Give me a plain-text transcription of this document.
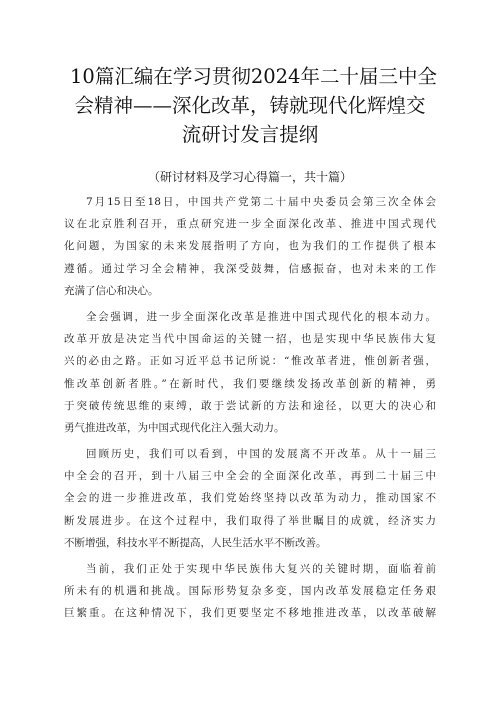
10篇汇编在学习贯彻2024年二十届三中全
会精神——深化改革，铸就现代化辉煌交
流研讨发言提纲

（研讨材料及学习心得篇一，共十篇）

7月15日至18日，中国共产党第二十届中央委员会第三次全体会
议在北京胜利召开，重点研究进一步全面深化改革、推进中国式现代
化问题，为国家的未来发展指明了方向，也为我们的工作提供了根本
遵循。通过学习全会精神，我深受鼓舞，信感振奋，也对未来的工作
充满了信心和决心。
全会强调，进一步全面深化改革是推进中国式现代化的根本动力。
改革开放是决定当代中国命运的关键一招，也是实现中华民族伟大复
兴的必由之路。正如习近平总书记所说：“惟改革者进，惟创新者强，
惟改革创新者胜。”在新时代，我们要继续发扬改革创新的精神，勇
于突破传统思维的束缚，敢于尝试新的方法和途径，以更大的决心和
勇气推进改革，为中国式现代化注入强大动力。
回顾历史，我们可以看到，中国的发展离不开改革。从十一届三
中全会的召开，到十八届三中全会的全面深化改革，再到二十届三中
全会的进一步推进改革，我们党始终坚持以改革为动力，推动国家不
断发展进步。在这个过程中，我们取得了举世瞩目的成就，经济实力
不断增强，科技水平不断提高，人民生活水平不断改善。
当前，我们正处于实现中华民族伟大复兴的关键时期，面临着前
所未有的机遇和挑战。国际形势复杂多变，国内改革发展稳定任务艰
巨繁重。在这种情况下，我们更要坚定不移地推进改革，以改革破解
